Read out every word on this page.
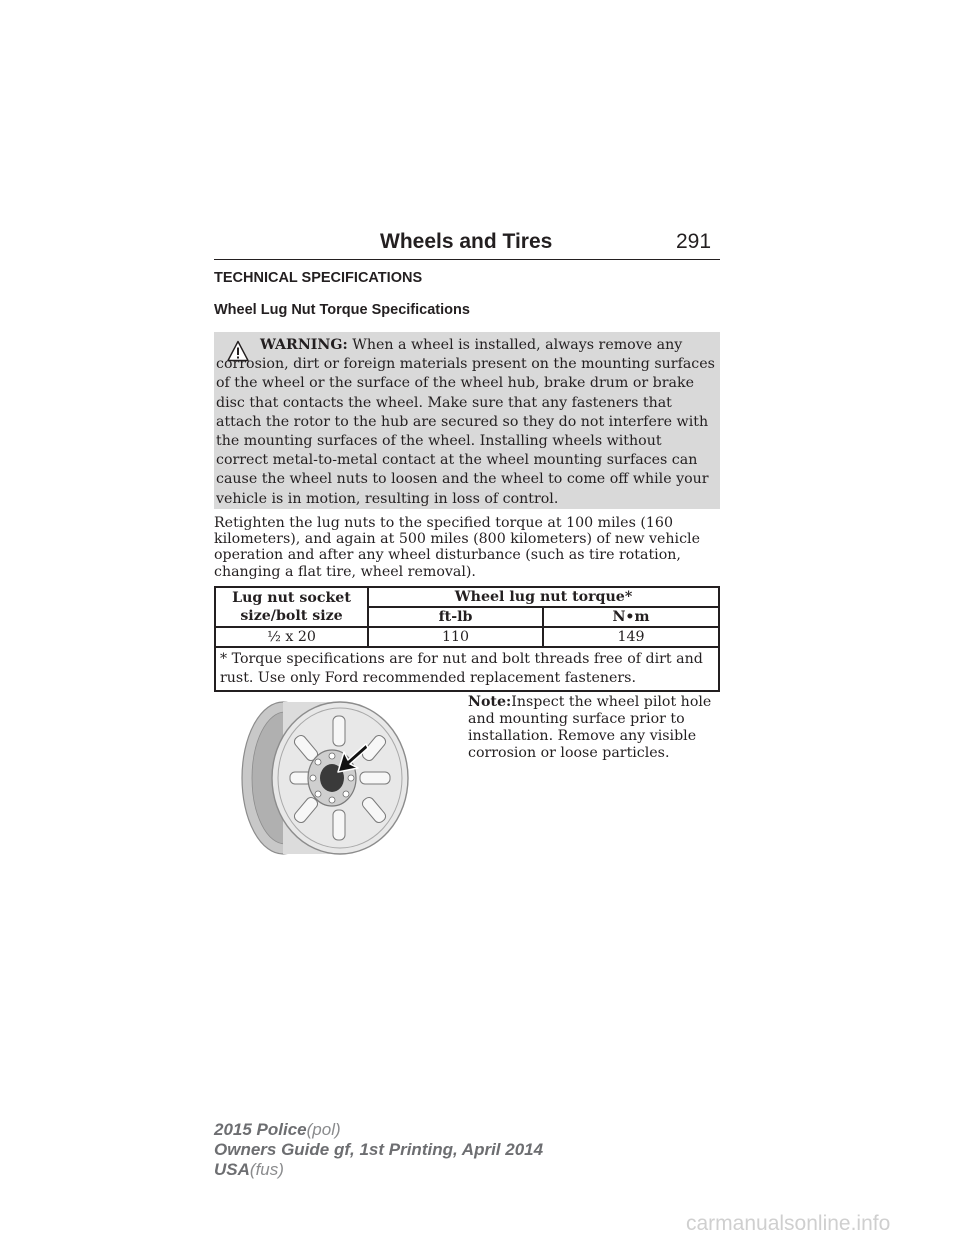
Wheels and Tires	291
TECHNICAL SPECIFICATIONS
Wheel Lug Nut Torque Specifications
WARNING: When a wheel is installed, always remove any corrosion, dirt or foreign materials present on the mounting surfaces of the wheel or the surface of the wheel hub, brake drum or brake disc that contacts the wheel. Make sure that any fasteners that attach the rotor to the hub are secured so they do not interfere with the mounting surfaces of the wheel. Installing wheels without correct metal-to-metal contact at the wheel mounting surfaces can cause the wheel nuts to loosen and the wheel to come off while your vehicle is in motion, resulting in loss of control.
Retighten the lug nuts to the specified torque at 100 miles (160 kilometers), and again at 500 miles (800 kilometers) of new vehicle operation and after any wheel disturbance (such as tire rotation, changing a flat tire, wheel removal).
Lug nut socket size/bolt size	Wheel lug nut torque*	
	ft-lb	N•m
½ x 20	110	149
* Torque specifications are for nut and bolt threads free of dirt and rust. Use only Ford recommended replacement fasteners.		
Note:Inspect the wheel pilot hole and mounting surface prior to installation. Remove any visible corrosion or loose particles.
2015 Police(pol)
Owners Guide gf, 1st Printing, April 2014
USA(fus)
carmanualsonline.info
